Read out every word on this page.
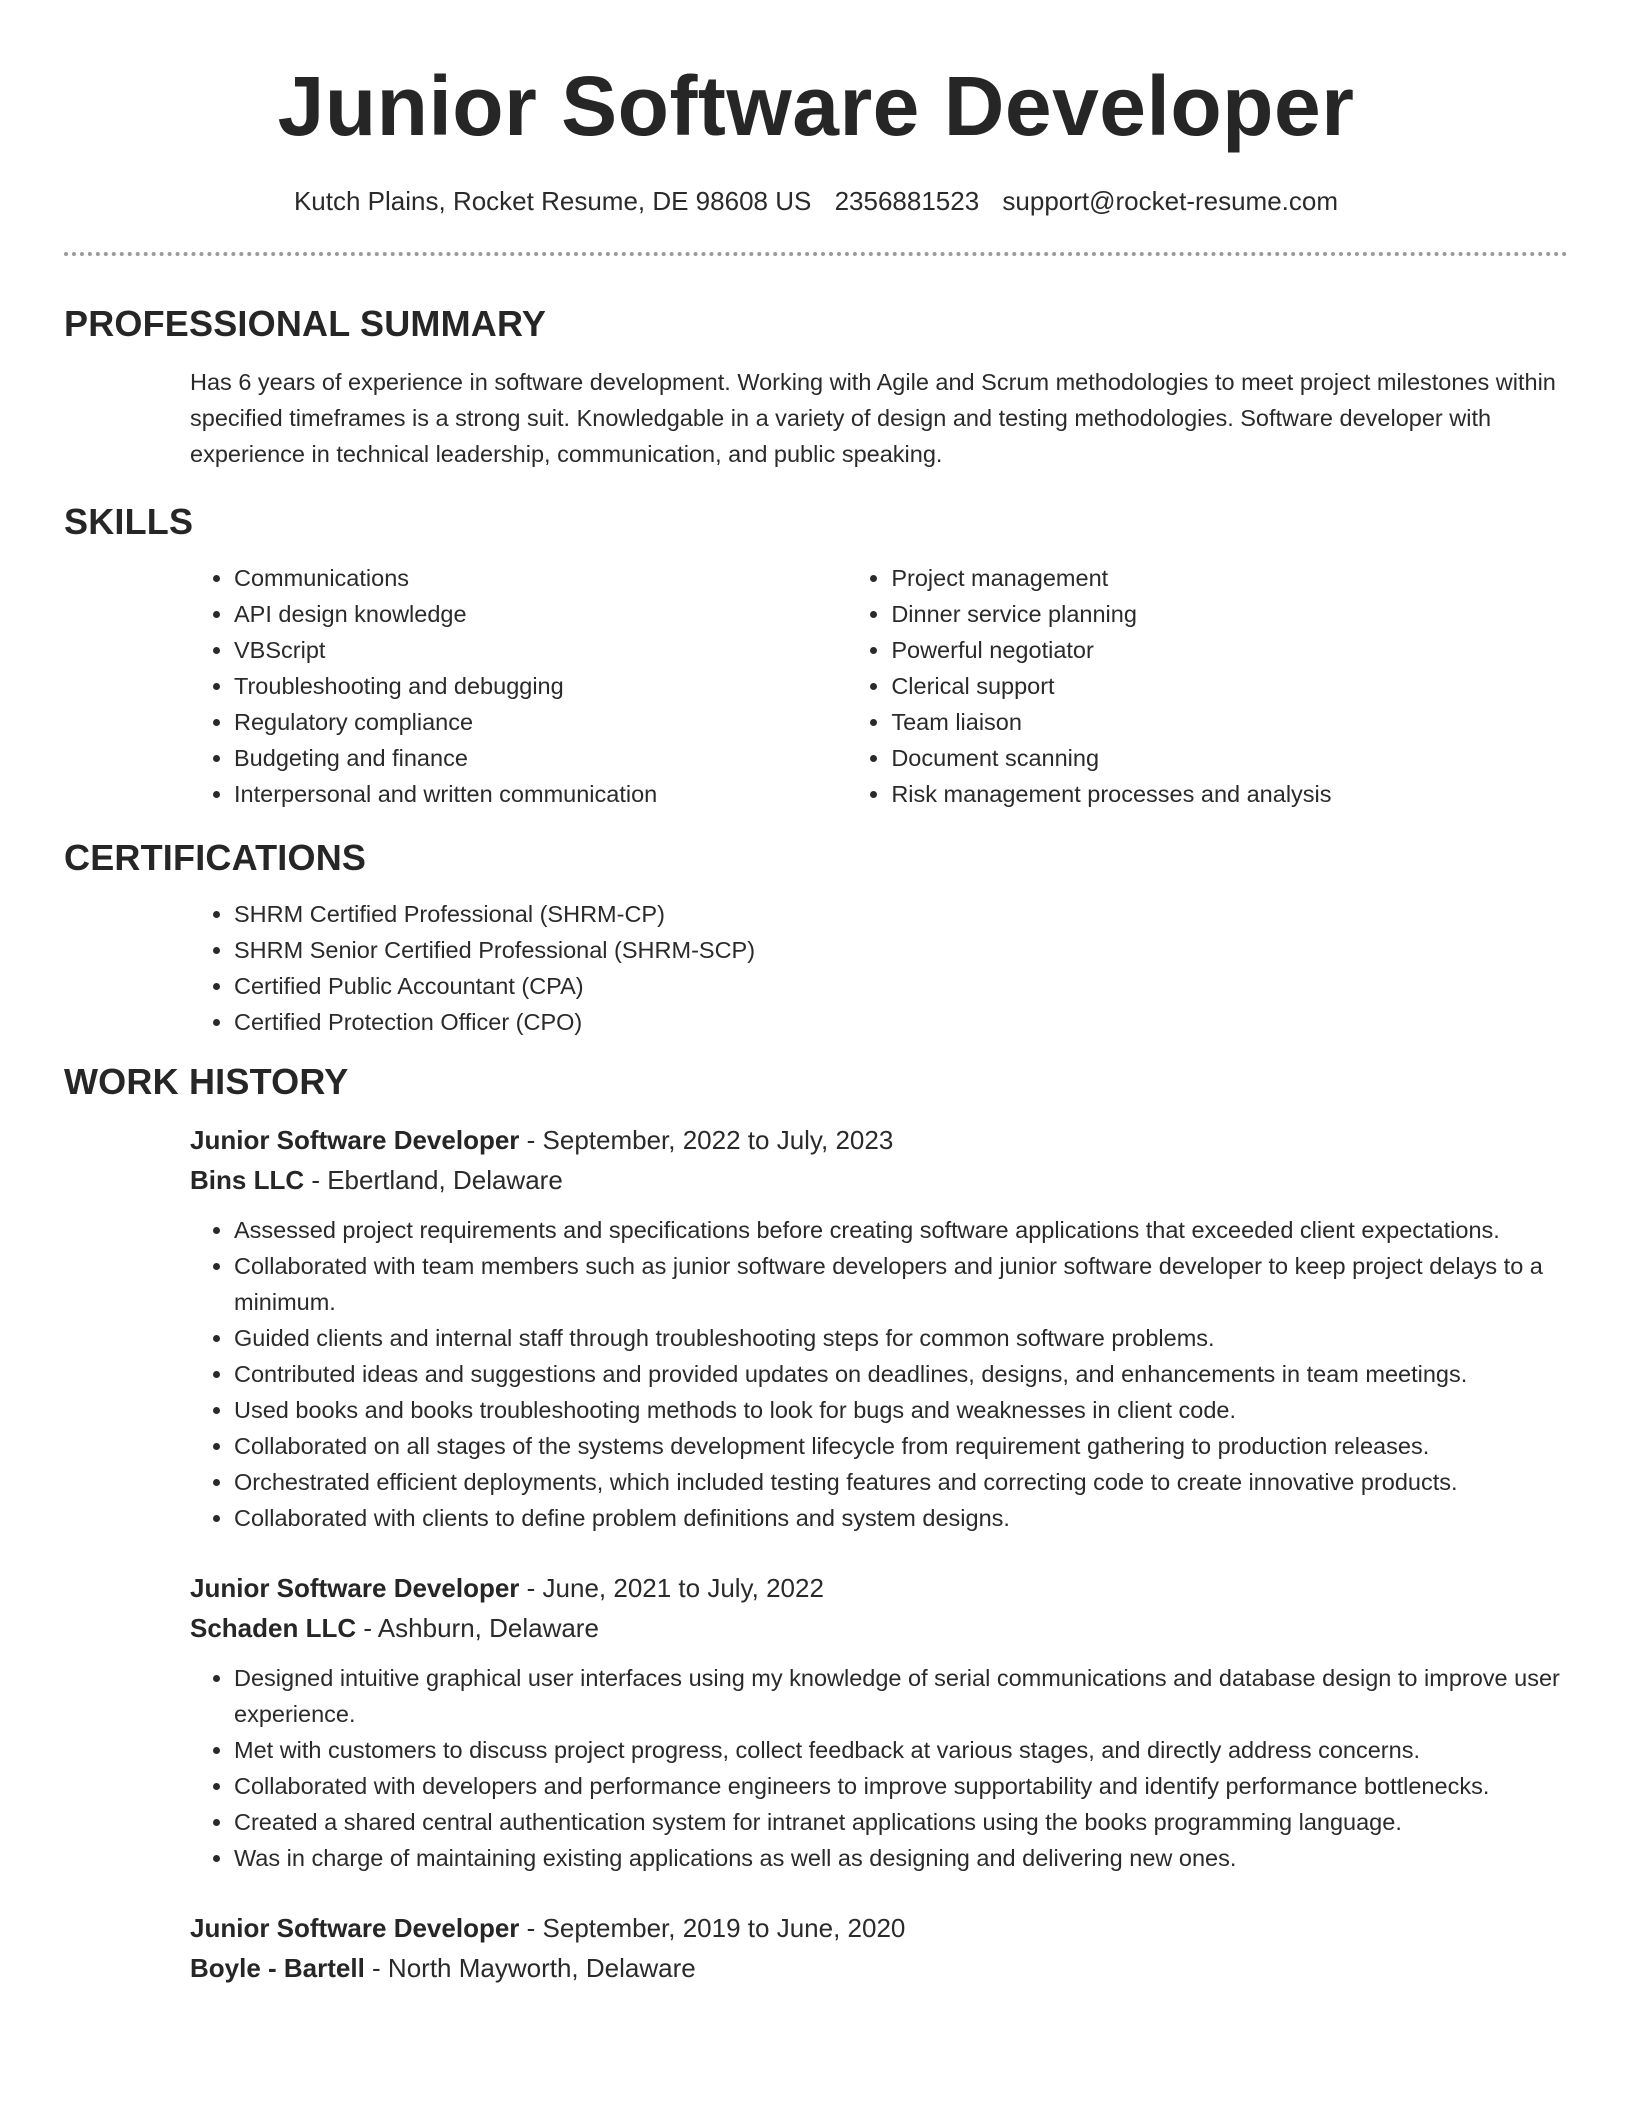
Junior Software Developer
Kutch Plains, Rocket Resume, DE 98608 US 2356881523 support@rocket-resume.com
PROFESSIONAL SUMMARY

Has 6 years of experience in software development. Working with Agile and Scrum methodologies to meet project milestones within specified timeframes is a strong suit. Knowledgable in a variety of design and testing methodologies. Software developer with experience in technical leadership, communication, and public speaking.

SKILLS
• Communications
• API design knowledge
• VBScript
• Troubleshooting and debugging
• Regulatory compliance
• Budgeting and finance
• Interpersonal and written communication
• Project management
• Dinner service planning
• Powerful negotiator
• Clerical support
• Team liaison
• Document scanning
• Risk management processes and analysis
CERTIFICATIONS
• SHRM Certified Professional (SHRM-CP)
• SHRM Senior Certified Professional (SHRM-SCP)
• Certified Public Accountant (CPA)
• Certified Protection Officer (CPO)
WORK HISTORY
Junior Software Developer - September, 2022 to July, 2023
Bins LLC - Ebertland, Delaware
• Assessed project requirements and specifications before creating software applications that exceeded client expectations.
• Collaborated with team members such as junior software developers and junior software developer to keep project delays to a minimum.
• Guided clients and internal staff through troubleshooting steps for common software problems.
• Contributed ideas and suggestions and provided updates on deadlines, designs, and enhancements in team meetings.
• Used books and books troubleshooting methods to look for bugs and weaknesses in client code.
• Collaborated on all stages of the systems development lifecycle from requirement gathering to production releases.
• Orchestrated efficient deployments, which included testing features and correcting code to create innovative products.
• Collaborated with clients to define problem definitions and system designs.
Junior Software Developer - June, 2021 to July, 2022
Schaden LLC - Ashburn, Delaware
• Designed intuitive graphical user interfaces using my knowledge of serial communications and database design to improve user experience.
• Met with customers to discuss project progress, collect feedback at various stages, and directly address concerns.
• Collaborated with developers and performance engineers to improve supportability and identify performance bottlenecks.
• Created a shared central authentication system for intranet applications using the books programming language.
• Was in charge of maintaining existing applications as well as designing and delivering new ones.
Junior Software Developer - September, 2019 to June, 2020
Boyle - Bartell - North Mayworth, Delaware
